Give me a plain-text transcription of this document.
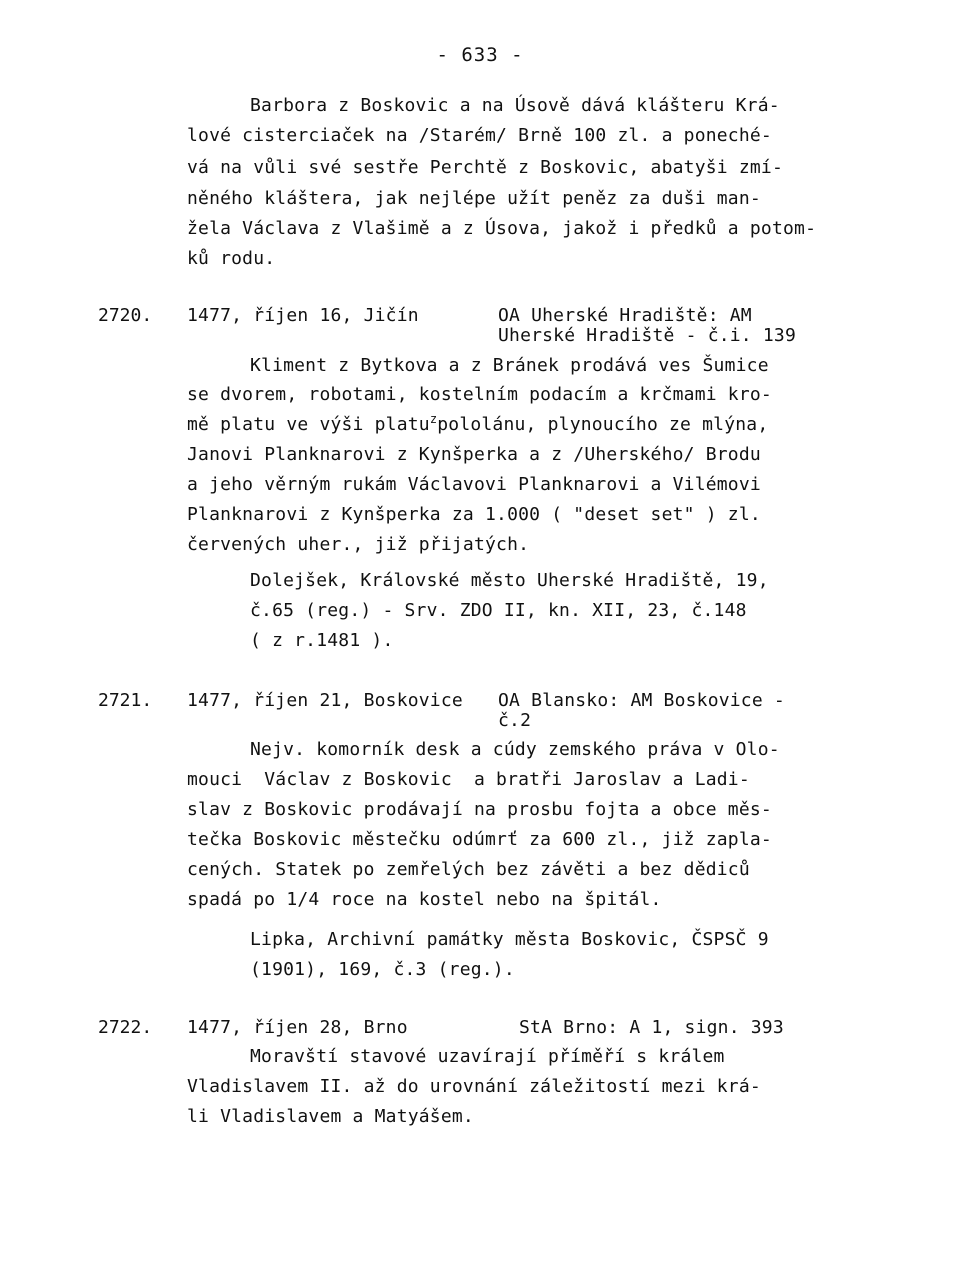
- 633 -
Barbora z Boskovic a na Úsově dává klášteru Krá-
lové cisterciaček na /Starém/ Brně 100 zl. a poneché-
vá na vůli své sestře Perchtě z Boskovic, abatyši zmí-
něného kláštera, jak nejlépe užít peněz za duši man-
žela Václava z Vlašimě a z Úsova, jakož i předků a potom-
ků rodu.
2720. 1477, říjen 16, Jičín	OA Uherské Hradiště: AM
Uherské Hradiště - č.i. 139
Kliment z Bytkova a z Bránek prodává ves Šumice
se dvorem, robotami, kostelním podacím a krčmami kro-
mě platu ve výši platu$^z$pololánu, plynoucího ze mlýna,
Janovi Planknarovi z Kynšperka a z /Uherského/ Brodu
a jeho věrným rukám Václavovi Planknarovi a Vilémovi
Planknarovi z Kynšperka za 1.000 ( "deset set" ) zl.
červených uher., již přijatých.
Dolejšek, Královské město Uherské Hradiště, 19,
č.65 (reg.) - Srv. ZDO II, kn. XII, 23, č.148
( z r.1481 ).
2721. 1477, říjen 21, Boskovice OA Blansko: AM Boskovice -
č.2
Nejv. komorník desk a cúdy zemského práva v Olo-
mouci  Václav z Boskovic  a bratři Jaroslav a Ladi-
slav z Boskovic prodávají na prosbu fojta a obce měs-
tečka Boskovic městečku odúmrť za 600 zl., již zapla-
cených. Statek po zemřelých bez závěti a bez dědiců
spadá po 1/4 roce na kostel nebo na špitál.
Lipka, Archivní památky města Boskovic, ČSPSČ 9
(1901), 169, č.3 (reg.).
2722. 1477, říjen 28, Brno	StA Brno: A 1, sign. 393
Moravští stavové uzavírají příměří s králem
Vladislavem II. až do urovnání záležitostí mezi krá-
li Vladislavem a Matyášem.
